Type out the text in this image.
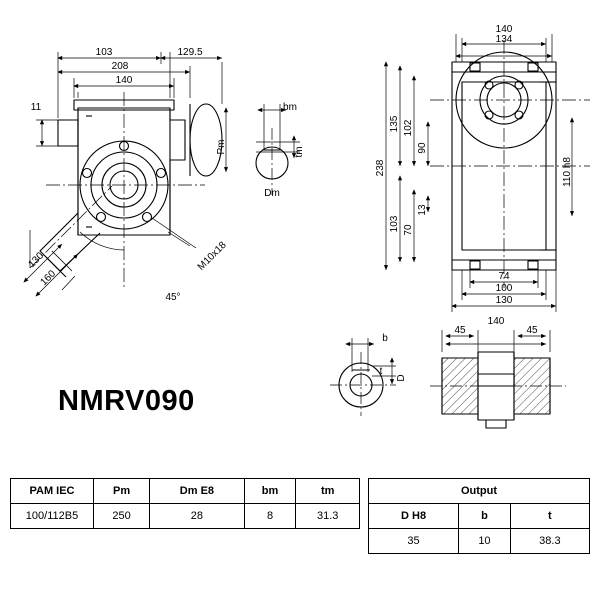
103	129.5
208
140
11
Pm
130
160
45°
M10x18
bm
tm
Dm
140
134
238
135 102
90
103 70
13
110 h8
74
100
130
b
D
t
140
45	45
NMRV090
PAM IEC	Pm	Dm E8	bm	tm
100/112B5	250	28	8	31.3
Output		
D H8	b	t
35	10	38.3
